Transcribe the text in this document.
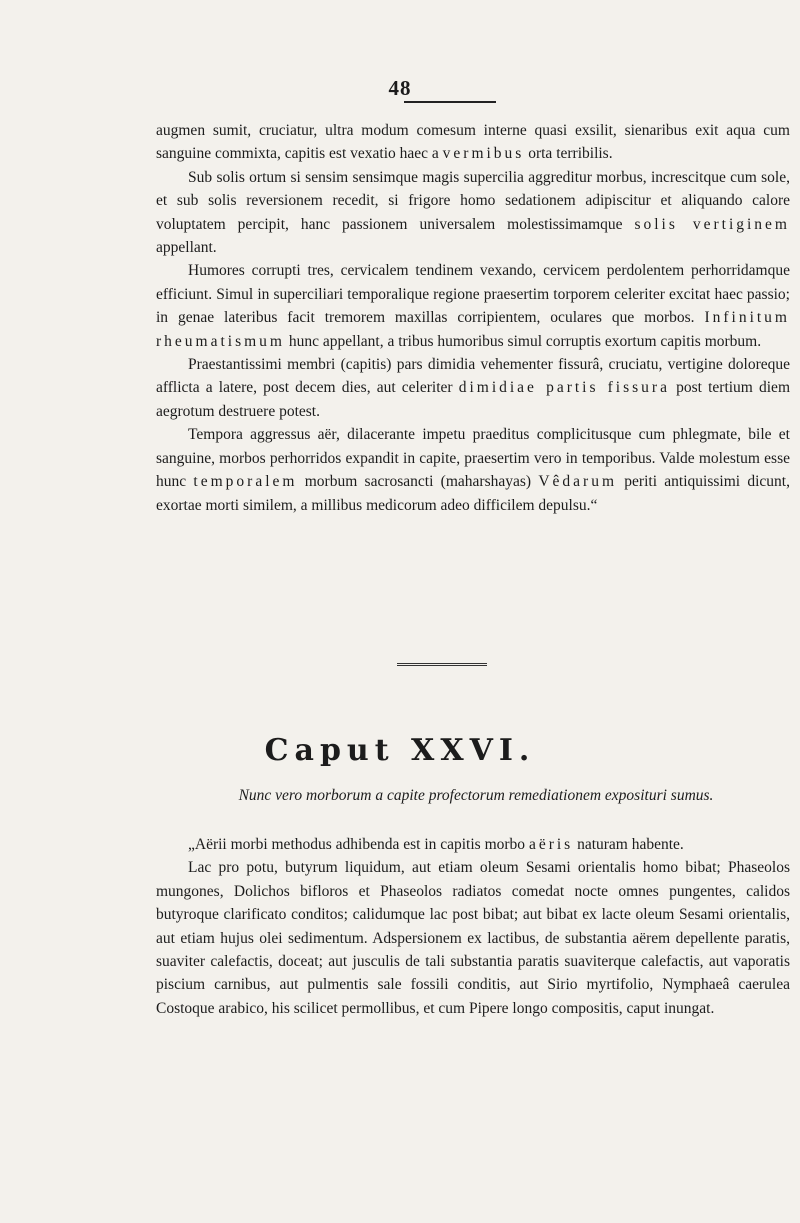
48

augmen sumit, cruciatur, ultra modum comesum interne quasi exsilit, sienaribus exit aqua cum sanguine commixta, capitis est vexatio haec a vermibus orta terribilis.

Sub solis ortum si sensim sensimque magis supercilia aggreditur morbus, increscitque cum sole, et sub solis reversionem recedit, si frigore homo sedationem adipiscitur et aliquando calore voluptatem percipit, hanc passionem universalem molestissimamque solis vertiginem appellant.

Humores corrupti tres, cervicalem tendinem vexando, cervicem perdolentem perhorridamque efficiunt. Simul in superciliari temporalique regione praesertim torporem celeriter excitat haec passio; in genae lateribus facit tremorem maxillas corripientem, oculares que morbos. Infinitum rheumatismum hunc appellant, a tribus humoribus simul corruptis exortum capitis morbum.

Praestantissimi membri (capitis) pars dimidia vehementer fissurâ, cruciatu, vertigine doloreque afflicta a latere, post decem dies, aut celeriter dimidiae partis fissura post tertium diem aegrotum destruere potest.

Tempora aggressus aër, dilacerante impetu praeditus complicitusque cum phlegmate, bile et sanguine, morbos perhorridos expandit in capite, praesertim vero in temporibus. Valde molestum esse hunc temporalem morbum sacrosancti (maharshayas) Vêdarum periti antiquissimi dicunt, exortae morti similem, a millibus medicorum adeo difficilem depulsu.“

Caput XXVI.
Nunc vero morborum a capite profectorum remediationem exposituri sumus.

„Aërii morbi methodus adhibenda est in capitis morbo aëris naturam habente.

Lac pro potu, butyrum liquidum, aut etiam oleum Sesami orientalis homo bibat; Phaseolos mungones, Dolichos bifloros et Phaseolos radiatos comedat nocte omnes pungentes, calidos butyroque clarificato conditos; calidumque lac post bibat; aut bibat ex lacte oleum Sesami orientalis, aut etiam hujus olei sedimentum. Adspersionem ex lactibus, de substantia aërem depellente paratis, suaviter calefactis, doceat; aut jusculis de tali substantia paratis suaviterque calefactis, aut vaporatis piscium carnibus, aut pulmentis sale fossili conditis, aut Sirio myrtifolio, Nymphaeâ caerulea Costoque arabico, his scilicet permollibus, et cum Pipere longo compositis, caput inungat.
